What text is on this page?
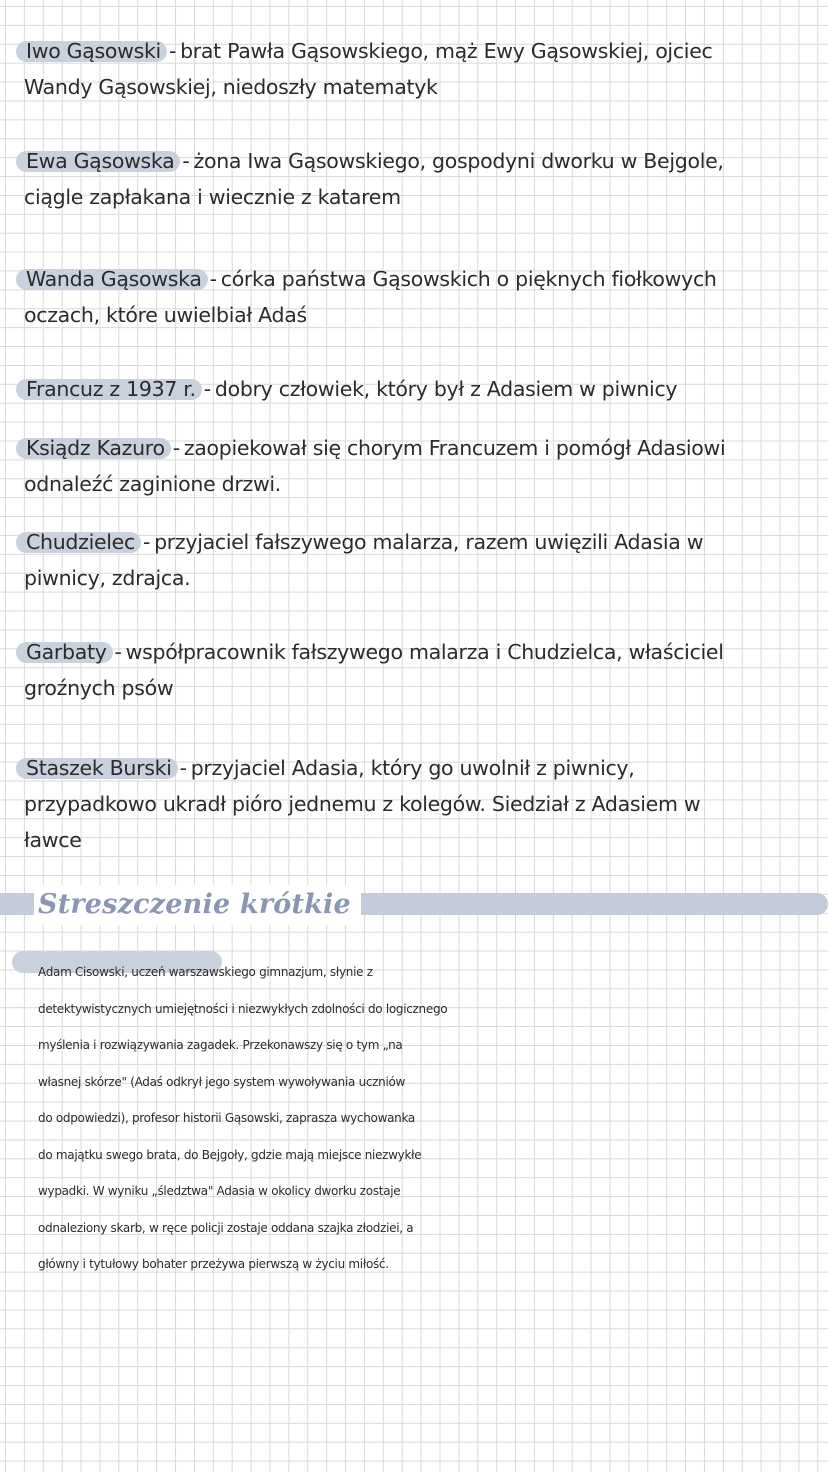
Iwo Gąsowski - brat Pawła Gąsowskiego, mąż Ewy Gąsowskiej, ojciec
Wandy Gąsowskiej, niedoszły matematyk
Ewa Gąsowska - żona Iwa Gąsowskiego, gospodyni dworku w Bejgole,
ciągle zapłakana i wiecznie z katarem
Wanda Gąsowska - córka państwa Gąsowskich o pięknych fiołkowych
oczach, które uwielbiał Adaś
Francuz z 1937 r. - dobry człowiek, który był z Adasiem w piwnicy
Ksiądz Kazuro - zaopiekował się chorym Francuzem i pomógł Adasiowi
odnaleźć zaginione drzwi.
Chudzielec - przyjaciel fałszywego malarza, razem uwięzili Adasia w
piwnicy, zdrajca.
Garbaty - współpracownik fałszywego malarza i Chudzielca, właściciel
groźnych psów
Staszek Burski - przyjaciel Adasia, który go uwolnił z piwnicy,
przypadkowo ukradł pióro jednemu z kolegów. Siedział z Adasiem w
ławce
Streszczenie krótkie
Adam Cisowski, uczeń warszawskiego gimnazjum, słynie z
detektywistycznych umiejętności i niezwykłych zdolności do logicznego
myślenia i rozwiązywania zagadek. Przekonawszy się o tym „na
własnej skórze" (Adaś odkrył jego system wywoływania uczniów
do odpowiedzi), profesor historii Gąsowski, zaprasza wychowanka
do majątku swego brata, do Bejgoły, gdzie mają miejsce niezwykłe
wypadki. W wyniku „śledztwa" Adasia w okolicy dworku zostaje
odnaleziony skarb, w ręce policji zostaje oddana szajka złodziei, a
główny i tytułowy bohater przeżywa pierwszą w życiu miłość.
